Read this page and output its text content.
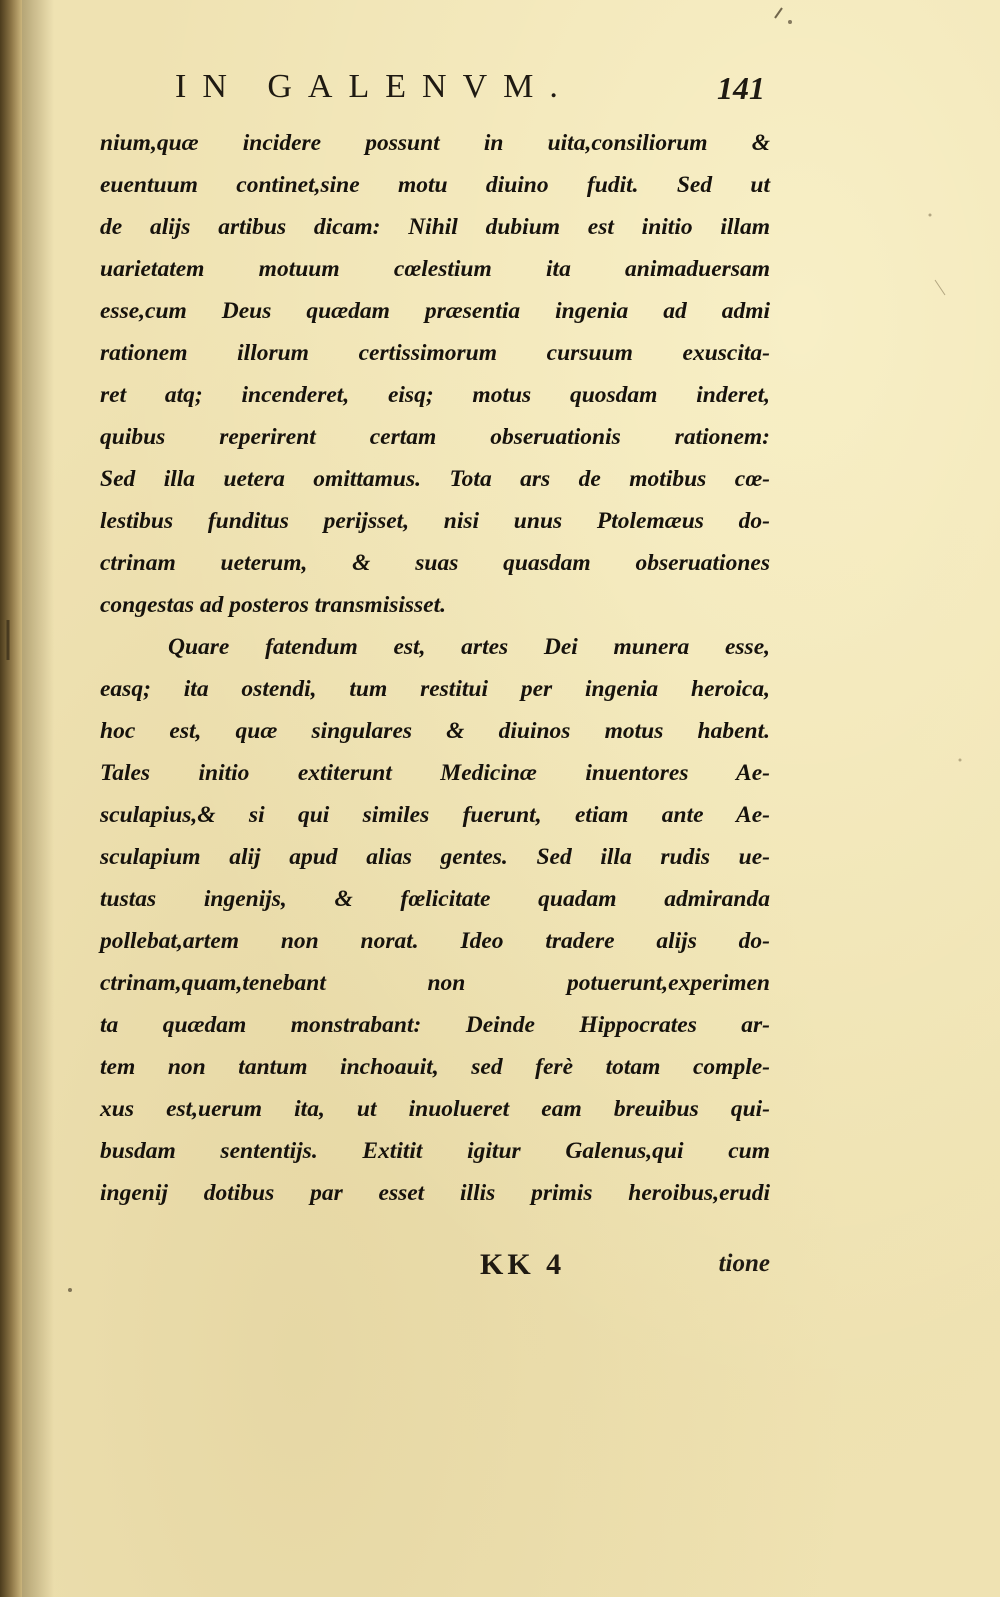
IN GALENVM.	141
nium,quæ incidere possunt in uita,consiliorum &
euentuum continet,sine motu diuino fudit. Sed ut
de alijs artibus dicam: Nihil dubium est initio illam
uarietatem motuum cœlestium ita animaduersam
esse,cum Deus quædam præsentia ingenia ad admi
rationem illorum certissimorum cursuum exuscita-
ret atq; incenderet, eisq; motus quosdam inderet,
quibus reperirent certam obseruationis rationem:
Sed illa uetera omittamus. Tota ars de motibus cœ-
lestibus funditus perijsset, nisi unus Ptolemæus do-
ctrinam ueterum, & suas quasdam obseruationes
congestas ad posteros transmisisset.
Quare fatendum est, artes Dei munera esse,
easq; ita ostendi, tum restitui per ingenia heroica,
hoc est, quæ singulares & diuinos motus habent.
Tales initio extiterunt Medicinæ inuentores Ae-
sculapius,& si qui similes fuerunt, etiam ante Ae-
sculapium alij apud alias gentes. Sed illa rudis ue-
tustas ingenijs, & fœlicitate quadam admiranda
pollebat,artem non norat. Ideo tradere alijs do-
ctrinam,quam,tenebant non potuerunt,experimen
ta quædam monstrabant: Deinde Hippocrates ar-
tem non tantum inchoauit, sed ferè totam comple-
xus est,uerum ita, ut inuolueret eam breuibus qui-
busdam sententijs. Extitit igitur Galenus,qui cum
ingenij dotibus par esset illis primis heroibus,erudi
KK 4	tione
